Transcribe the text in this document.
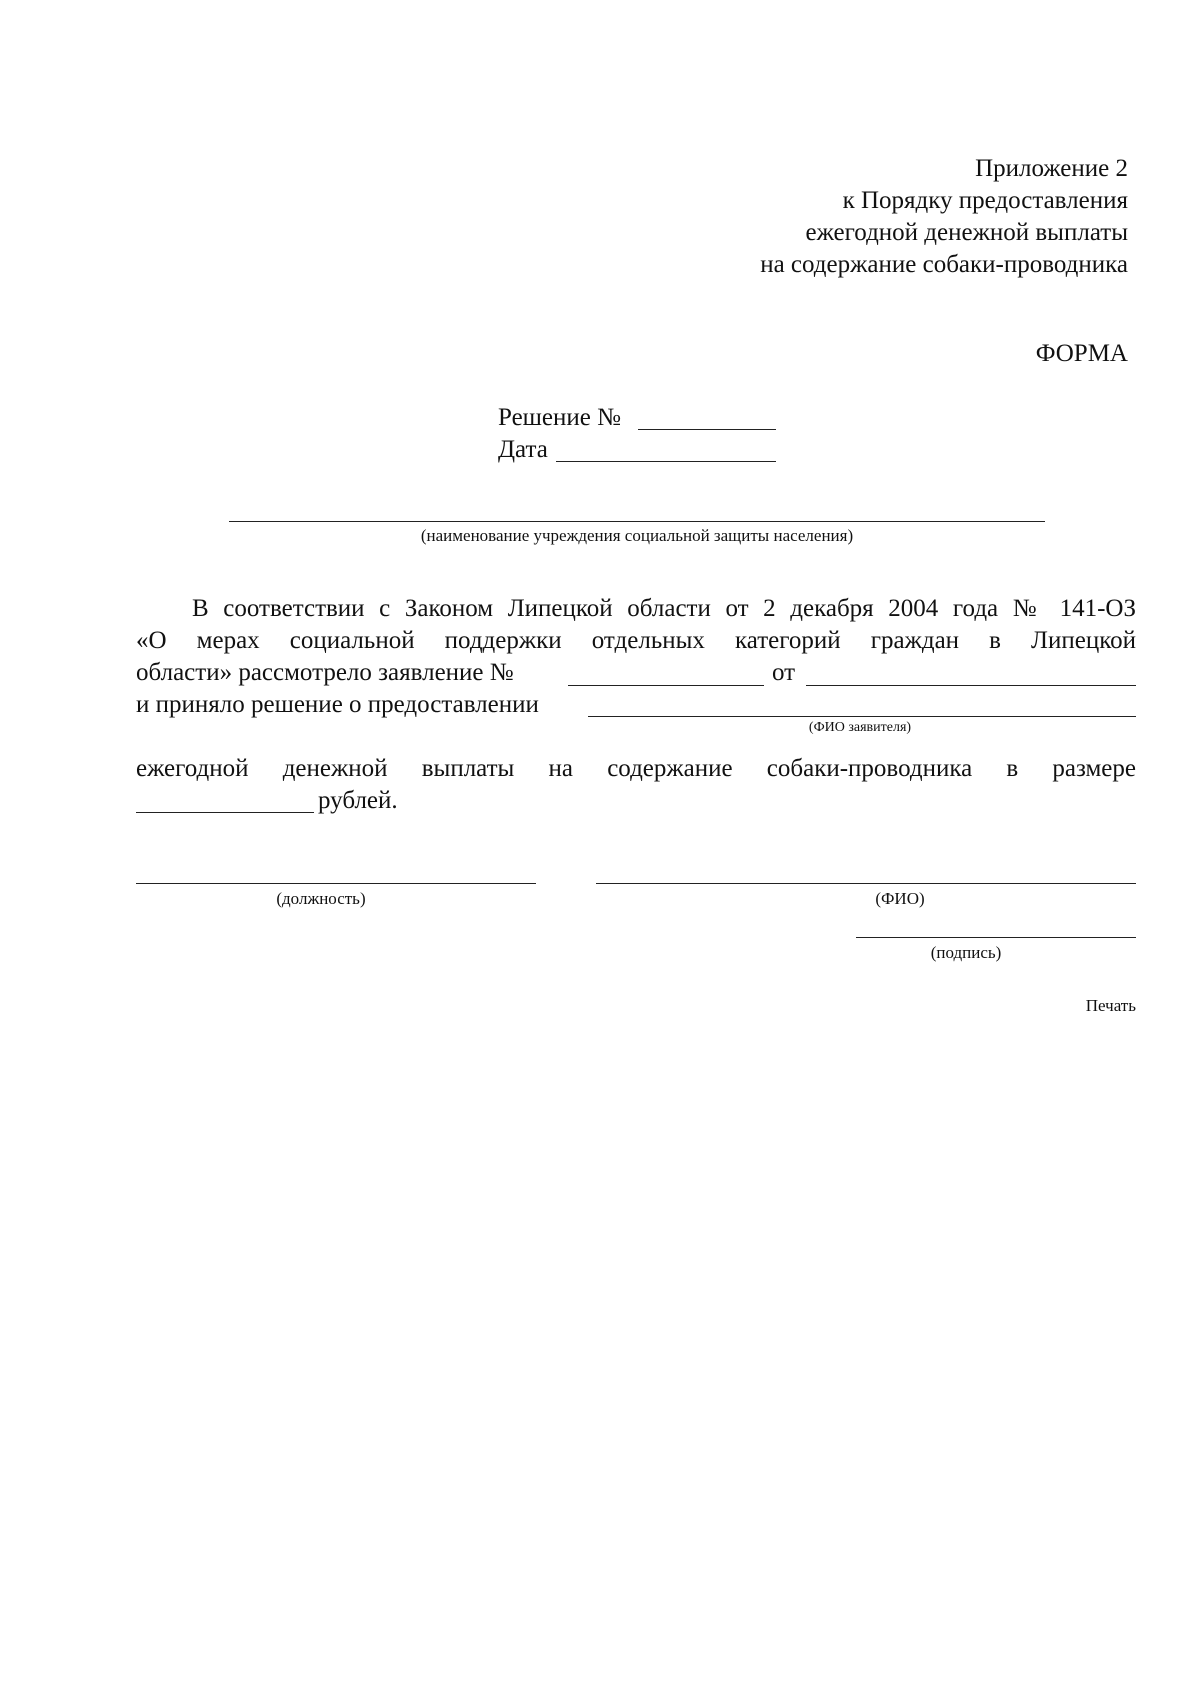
Приложение 2
к Порядку предоставления
ежегодной денежной выплаты
на содержание собаки-проводника
ФОРМА
Решение №
Дата
(наименование учреждения социальной защиты населения)
В соответствии с Законом Липецкой области от 2 декабря 2004 года № 141-ОЗ
«О мерах социальной поддержки отдельных категорий граждан в Липецкой
области» рассмотрело заявление №	от
и приняло решение о предоставлении
(ФИО заявителя)
ежегодной денежной выплаты на содержание собаки-проводника в размере
рублей.
(должность)	(ФИО)
(подпись)
Печать
